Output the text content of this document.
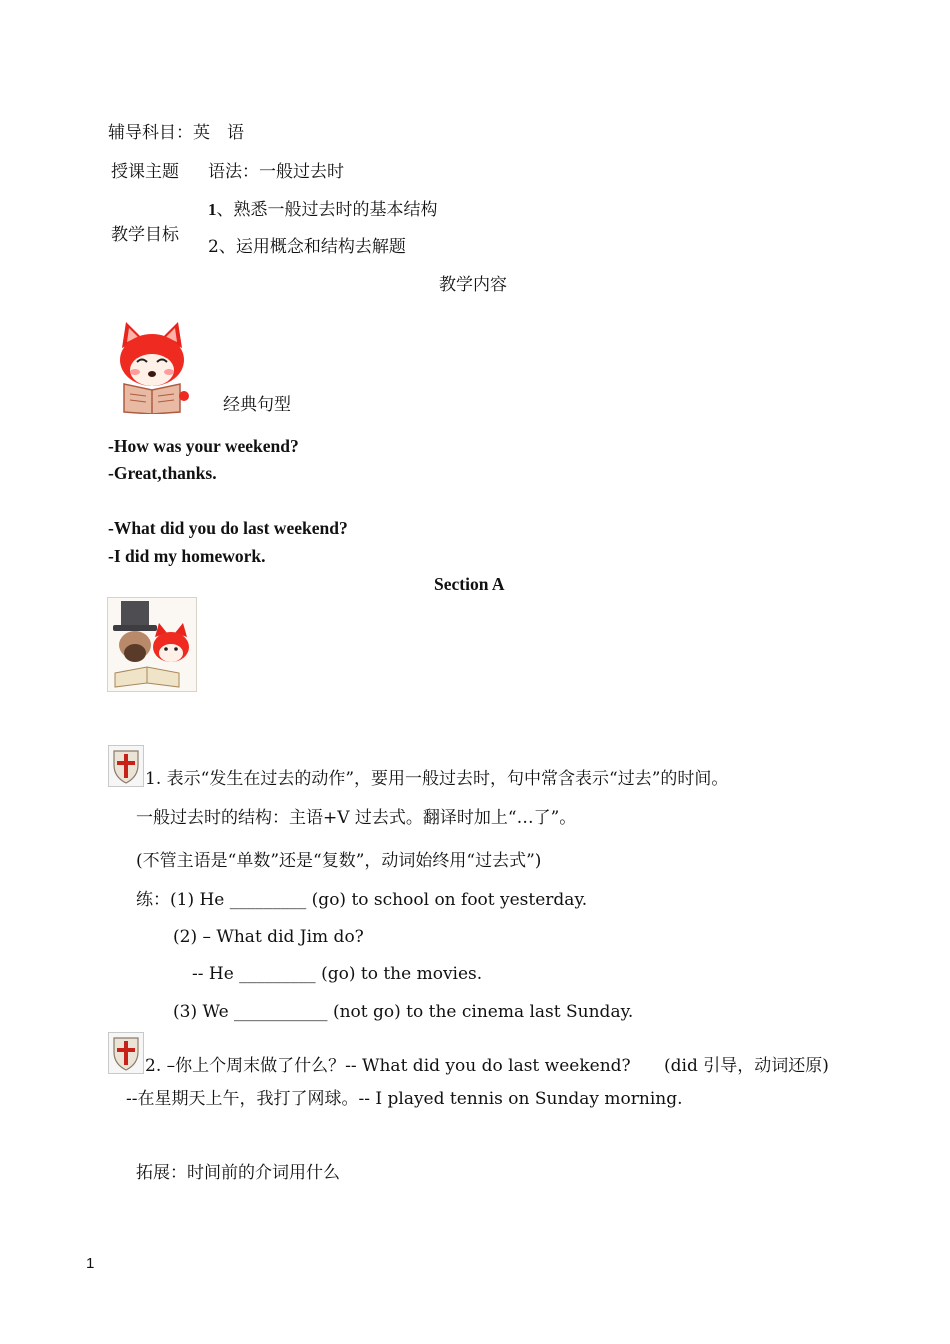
辅导科目：英　语
授课主题 语法：一般过去时
教学目标
1、熟悉一般过去时的基本结构
2、运用概念和结构去解题
教学内容
经典句型
-How was your weekend?
-Great,thanks.
-What did you do last weekend?
-I did my homework.
Section A
1. 表示“发生在过去的动作”，要用一般过去时，句中常含表示“过去”的时间。
一般过去时的结构：主语+V 过去式。翻译时加上“…了”。
(不管主语是“单数”还是“复数”，动词始终用“过去式”)
练：(1) He _________ (go) to school on foot yesterday.
(2) – What did Jim do?
-- He _________ (go) to the movies.
(3) We ___________ (not go) to the cinema last Sunday.
2. –你上个周末做了什么？-- What did you do last weekend? (did 引导，动词还原)
--在星期天上午，我打了网球。-- I played tennis on Sunday morning.
拓展：时间前的介词用什么
1
